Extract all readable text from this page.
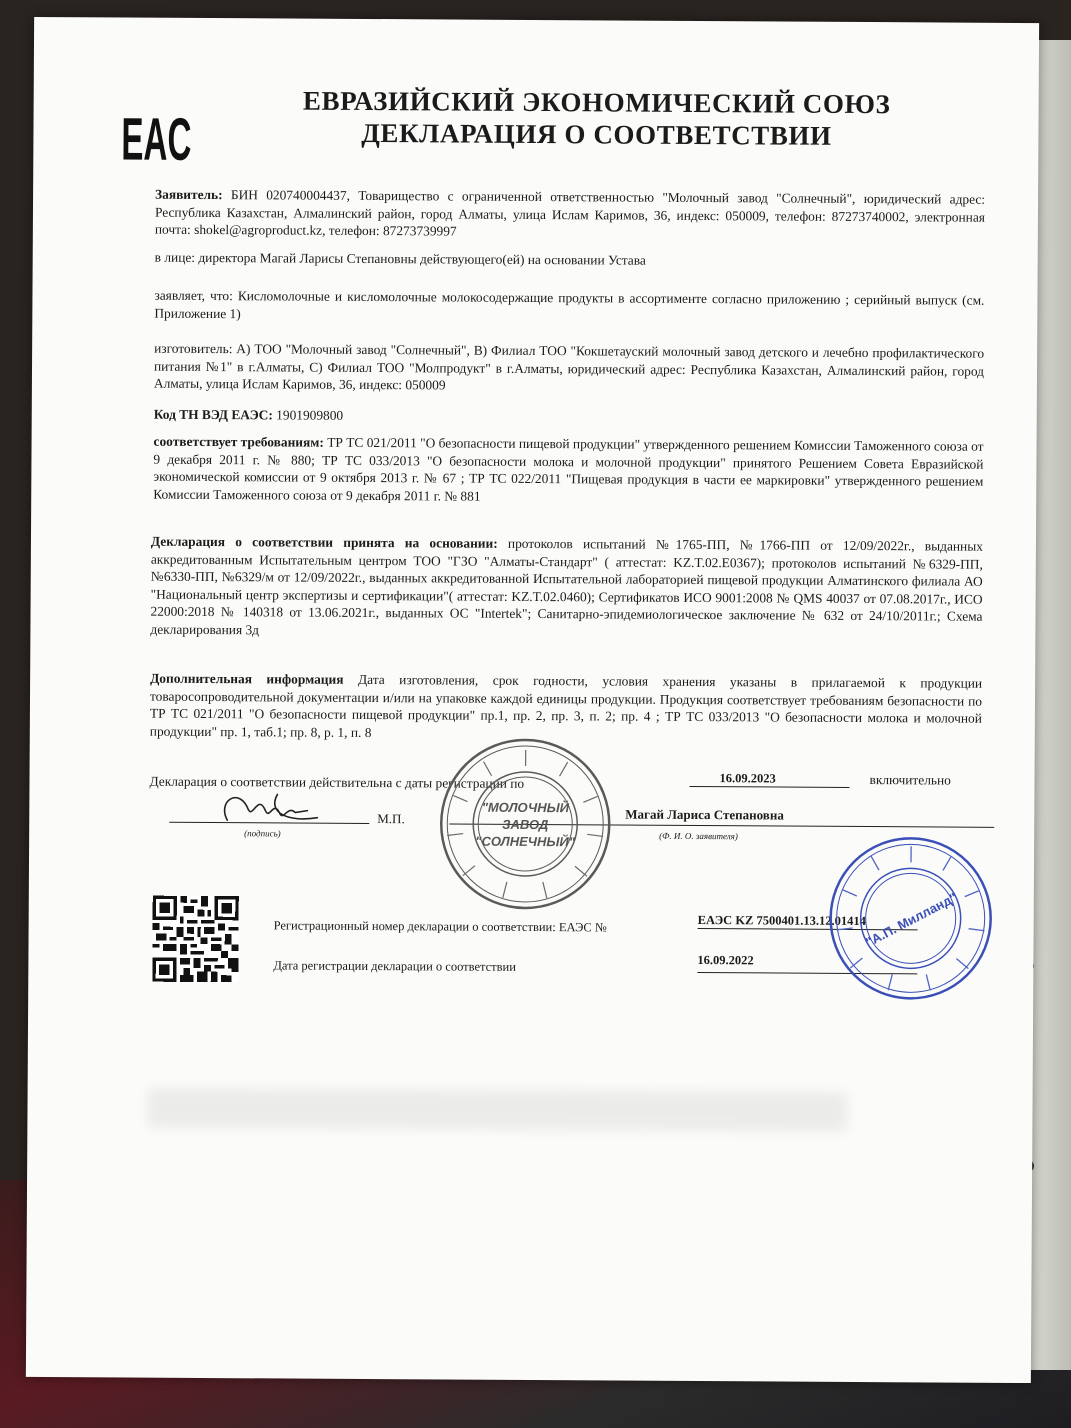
EAC
ЕВРАЗИЙСКИЙ ЭКОНОМИЧЕСКИЙ СОЮЗ
ДЕКЛАРАЦИЯ О СООТВЕТСТВИИ

Заявитель: БИН 020740004437, Товарищество с ограниченной ответственностью "Молочный завод "Солнечный", юридический адрес: Республика Казахстан, Алмалинский район, город Алматы, улица Ислам Каримов, 36, индекс: 050009, телефон: 87273740002, электронная почта: shokel@agroproduct.kz, телефон: 87273739997

в лице: директора Магай Ларисы Степановны действующего(ей) на основании Устава

заявляет, что: Кисломолочные и кисломолочные молокосодержащие продукты в ассортименте согласно приложению ; серийный выпуск (см. Приложение 1)

изготовитель: A) ТОО "Молочный завод "Солнечный", B) Филиал ТОО "Кокшетауский молочный завод детского и лечебно профилактического питания №1" в г.Алматы, C) Филиал ТОО "Молпродукт" в г.Алматы, юридический адрес: Республика Казахстан, Алмалинский район, город Алматы, улица Ислам Каримов, 36, индекс: 050009

Код ТН ВЭД ЕАЭС: 1901909800

соответствует требованиям: ТР ТС 021/2011 "О безопасности пищевой продукции" утвержденного решением Комиссии Таможенного союза от 9 декабря 2011 г. № 880; ТР ТС 033/2013 "О безопасности молока и молочной продукции" принятого Решением Совета Евразийской экономической комиссии от 9 октября 2013 г. № 67 ; ТР ТС 022/2011 "Пищевая продукция в части ее маркировки" утвержденного решением Комиссии Таможенного союза от 9 декабря 2011 г. № 881

Декларация о соответствии принята на основании: протоколов испытаний №1765-ПП, №1766-ПП от 12/09/2022г., выданных аккредитованным Испытательным центром ТОО "ГЗО "Алматы-Стандарт" ( аттестат: KZ.T.02.E0367); протоколов испытаний №6329-ПП, №6330-ПП, №6329/м от 12/09/2022г., выданных аккредитованной Испытательной лабораторией пищевой продукции Алматинского филиала АО "Национальный центр экспертизы и сертификации"( аттестат: KZ.T.02.0460); Сертификатов ИСО 9001:2008 № QMS 40037 от 07.08.2017г., ИСО 22000:2018 № 140318 от 13.06.2021г., выданных ОС "Intertek"; Санитарно-эпидемиологическое заключение № 632 от 24/10/2011г.; Схема декларирования 3д

Дополнительная информация Дата изготовления, срок годности, условия хранения указаны в прилагаемой к продукции товаросопроводительной документации и/или на упаковке каждой единицы продукции. Продукция соответствует требованиям безопасности по ТР ТС 021/2011 "О безопасности пищевой продукции" пр.1, пр. 2, пр. 3, п. 2; пр. 4 ; ТР ТС 033/2013 "О безопасности молока и молочной продукции" пр. 1, таб.1; пр. 8, р. 1, п. 8

Декларация о соответствии действительна с даты регистрации по	16.09.2023	включительно
М.П.
(подпись)
Магай Лариса Степановна
(Ф. И. О. заявителя)
"МОЛОЧНЫЙ
ЗАВОД
"СОЛНЕЧНЫЙ"
Регистрационный номер декларации о соответствии: ЕАЭС №	ЕАЭС KZ 7500401.13.12.01414
Дата регистрации декларации о соответствии	16.09.2022
"А.П. Милланд"
